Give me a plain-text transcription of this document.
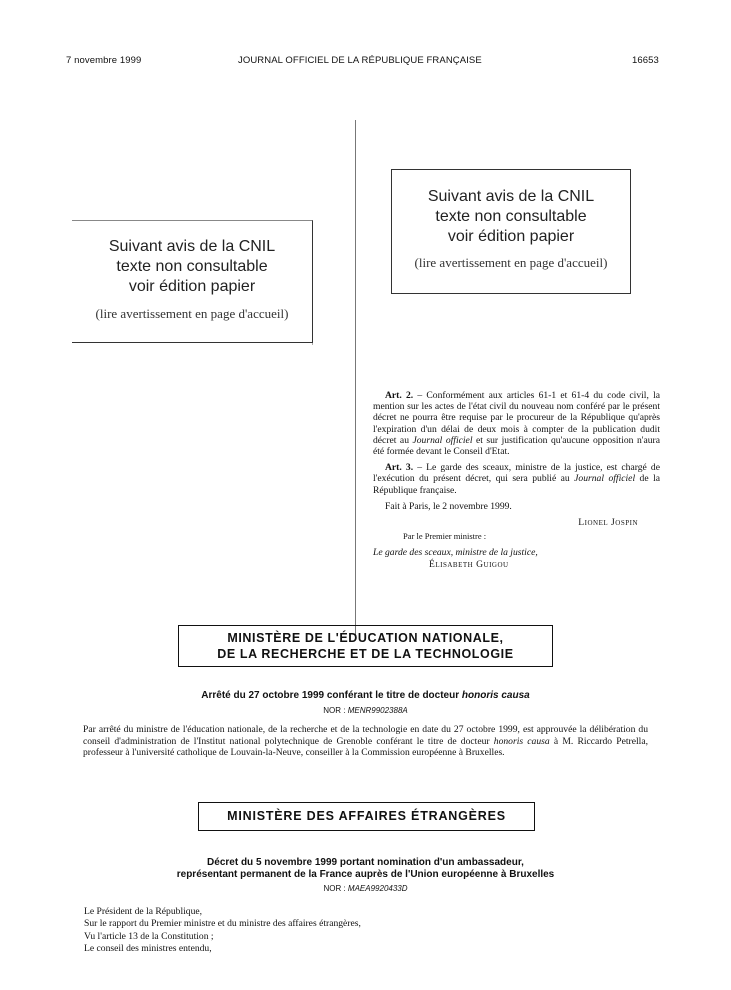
7 novembre 1999	JOURNAL OFFICIEL DE LA RÉPUBLIQUE FRANÇAISE	16653
Suivant avis de la CNIL
texte non consultable
voir édition papier
(lire avertissement en page d'accueil)
Suivant avis de la CNIL
texte non consultable
voir édition papier
(lire avertissement en page d'accueil)

Art. 2. – Conformément aux articles 61-1 et 61-4 du code civil, la mention sur les actes de l'état civil du nouveau nom conféré par le présent décret ne pourra être requise par le procureur de la République qu'après l'expiration d'un délai de deux mois à compter de la publication dudit décret au Journal officiel et sur justification qu'aucune opposition n'aura été formée devant le Conseil d'Etat.

Art. 3. – Le garde des sceaux, ministre de la justice, est chargé de l'exécution du présent décret, qui sera publié au Journal officiel de la République française.

Fait à Paris, le 2 novembre 1999.

Lionel Jospin

Par le Premier ministre :

Le garde des sceaux, ministre de la justice,

Élisabeth Guigou

MINISTÈRE DE L'ÉDUCATION NATIONALE,
DE LA RECHERCHE ET DE LA TECHNOLOGIE
Arrêté du 27 octobre 1999 conférant le titre de docteur honoris causa
NOR : MENR9902388A
Par arrêté du ministre de l'éducation nationale, de la recherche et de la technologie en date du 27 octobre 1999, est approuvée la délibération du conseil d'administration de l'Institut national polytechnique de Grenoble conférant le titre de docteur honoris causa à M. Riccardo Petrella, professeur à l'université catholique de Louvain-la-Neuve, conseiller à la Commission européenne à Bruxelles.
MINISTÈRE DES AFFAIRES ÉTRANGÈRES
Décret du 5 novembre 1999 portant nomination d'un ambassadeur,
représentant permanent de la France auprès de l'Union européenne à Bruxelles
NOR : MAEA9920433D
Le Président de la République,
Sur le rapport du Premier ministre et du ministre des affaires étrangères,
Vu l'article 13 de la Constitution ;
Le conseil des ministres entendu,
